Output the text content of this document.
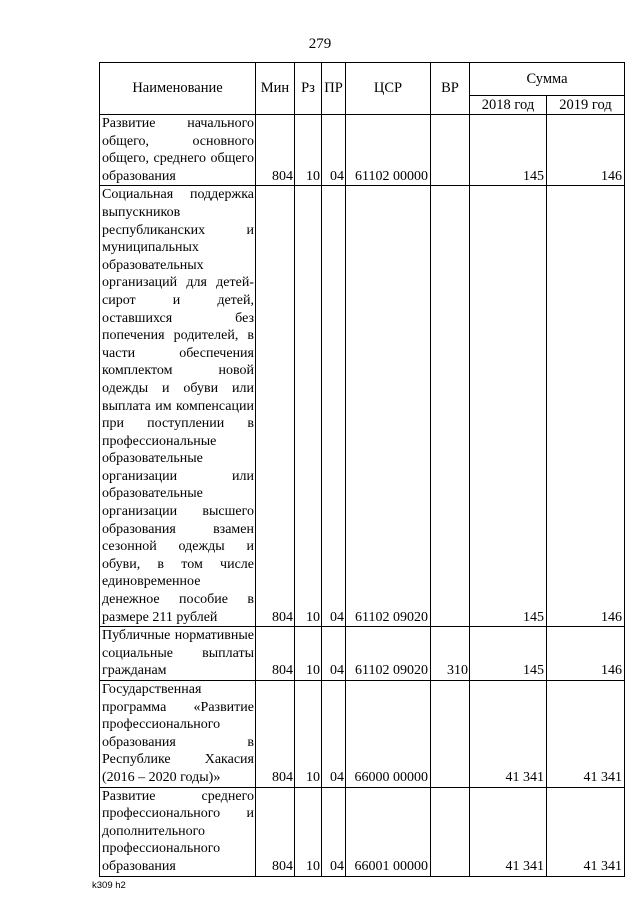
279
Наименование	Мин	Рз	ПР	ЦСР	ВР	Сумма	
						2018 год	2019 год
Развитие начального общего, основного общего, среднего общего образования	804	10	04	61102 00000		145	146
Социальная поддержка выпускников республиканских и муниципальных образовательных организаций для детей-сирот и детей, оставшихся без попечения родителей, в части обеспечения комплектом новой одежды и обуви или выплата им компенсации при поступлении в профессиональные образовательные организации или образовательные организации высшего образования взамен сезонной одежды и обуви, в том числе единовременное денежное пособие в размере 211 рублей	804	10	04	61102 09020		145	146
Публичные нормативные социальные выплаты гражданам	804	10	04	61102 09020	310	145	146
Государственная программа «Развитие профессионального образования в Республике Хакасия (2016 – 2020 годы)»	804	10	04	66000 00000		41 341	41 341
Развитие среднего профессионального и дополнительного профессионального образования	804	10	04	66001 00000		41 341	41 341
k309 h2
